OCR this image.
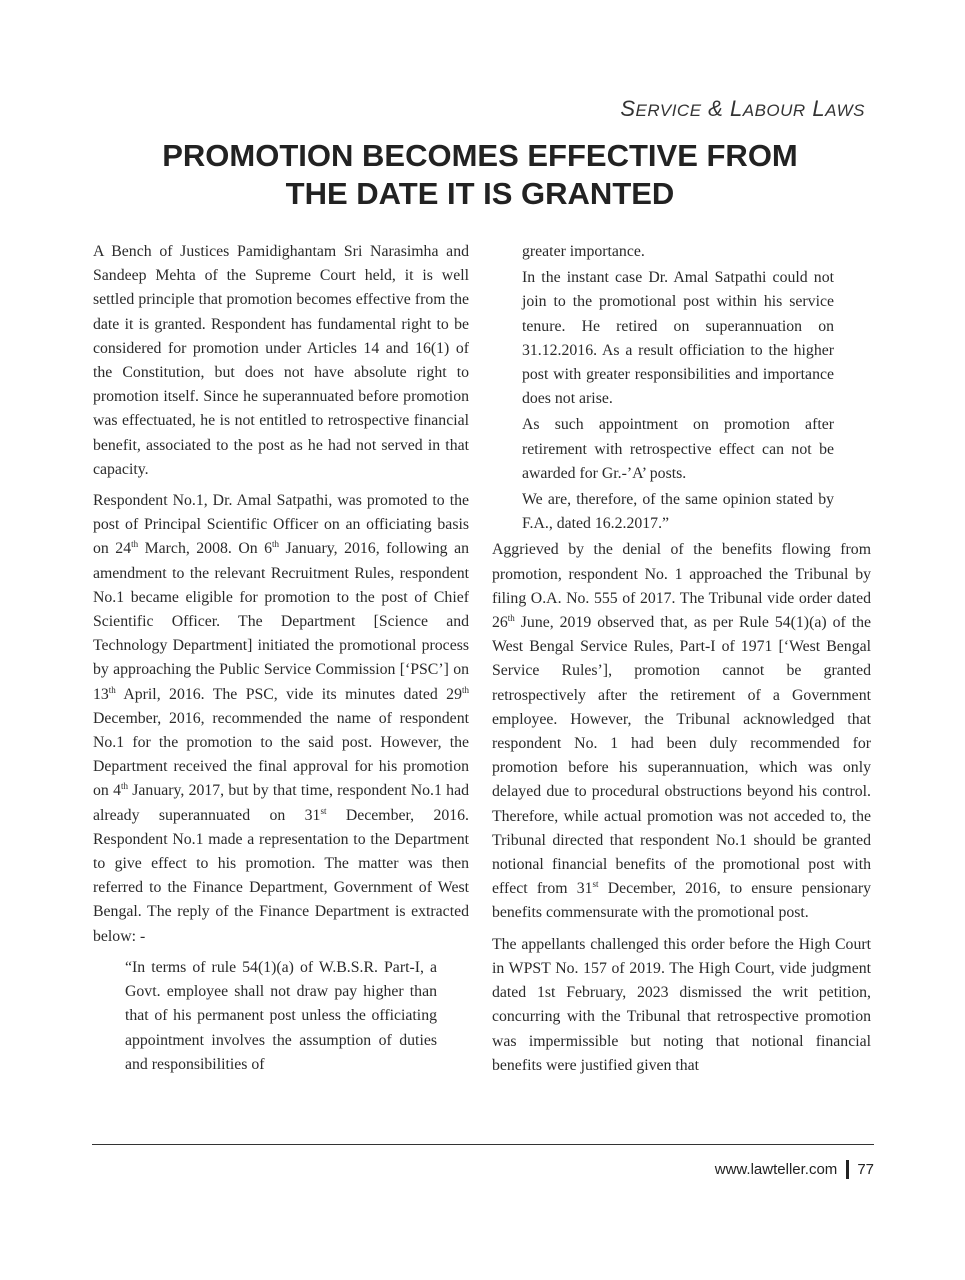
SERVICE & LABOUR LAWS
PROMOTION BECOMES EFFECTIVE FROM
THE DATE IT IS GRANTED

A Bench of Justices Pamidighantam Sri Narasimha and Sandeep Mehta of the Supreme Court held, it is well settled principle that promotion becomes effective from the date it is granted. Respondent has fundamental right to be considered for promotion under Articles 14 and 16(1) of the Constitution, but does not have absolute right to promotion itself. Since he superannuated before promotion was effectuated, he is not entitled to retrospective financial benefit, associated to the post as he had not served in that capacity.

Respondent No.1, Dr. Amal Satpathi, was promoted to the post of Principal Scientific Officer on an officiating basis on 24th March, 2008. On 6th January, 2016, following an amendment to the relevant Recruitment Rules, respondent No.1 became eligible for promotion to the post of Chief Scientific Officer. The Department [Science and Technology Department] initiated the promotional process by approaching the Public Service Commission [‘PSC’] on 13th April, 2016. The PSC, vide its minutes dated 29th December, 2016, recommended the name of respondent No.1 for the promotion to the said post. However, the Department received the final approval for his promotion on 4th January, 2017, but by that time, respondent No.1 had already superannuated on 31st December, 2016. Respondent No.1 made a representation to the Department to give effect to his promotion. The matter was then referred to the Finance Department, Government of West Bengal. The reply of the Finance Department is extracted below: -

“In terms of rule 54(1)(a) of W.B.S.R. Part-I, a Govt. employee shall not draw pay higher than that of his permanent post unless the officiating appointment involves the assumption of duties and responsibilities of

greater importance.

In the instant case Dr. Amal Satpathi could not join to the promotional post within his service tenure. He retired on superannuation on 31.12.2016. As a result officiation to the higher post with greater responsibilities and importance does not arise.

As such appointment on promotion after retirement with retrospective effect can not be awarded for Gr.-’A’ posts.

We are, therefore, of the same opinion stated by F.A., dated 16.2.2017.”

Aggrieved by the denial of the benefits flowing from promotion, respondent No. 1 approached the Tribunal by filing O.A. No. 555 of 2017. The Tribunal vide order dated 26th June, 2019 observed that, as per Rule 54(1)(a) of the West Bengal Service Rules, Part-I of 1971 [‘West Bengal Service Rules’], promotion cannot be granted retrospectively after the retirement of a Government employee. However, the Tribunal acknowledged that respondent No. 1 had been duly recommended for promotion before his superannuation, which was only delayed due to procedural obstructions beyond his control. Therefore, while actual promotion was not acceded to, the Tribunal directed that respondent No.1 should be granted notional financial benefits of the promotional post with effect from 31st December, 2016, to ensure pensionary benefits commensurate with the promotional post.

The appellants challenged this order before the High Court in WPST No. 157 of 2019. The High Court, vide judgment dated 1st February, 2023 dismissed the writ petition, concurring with the Tribunal that retrospective promotion was impermissible but noting that notional financial benefits were justified given that

www.lawteller.com 77
